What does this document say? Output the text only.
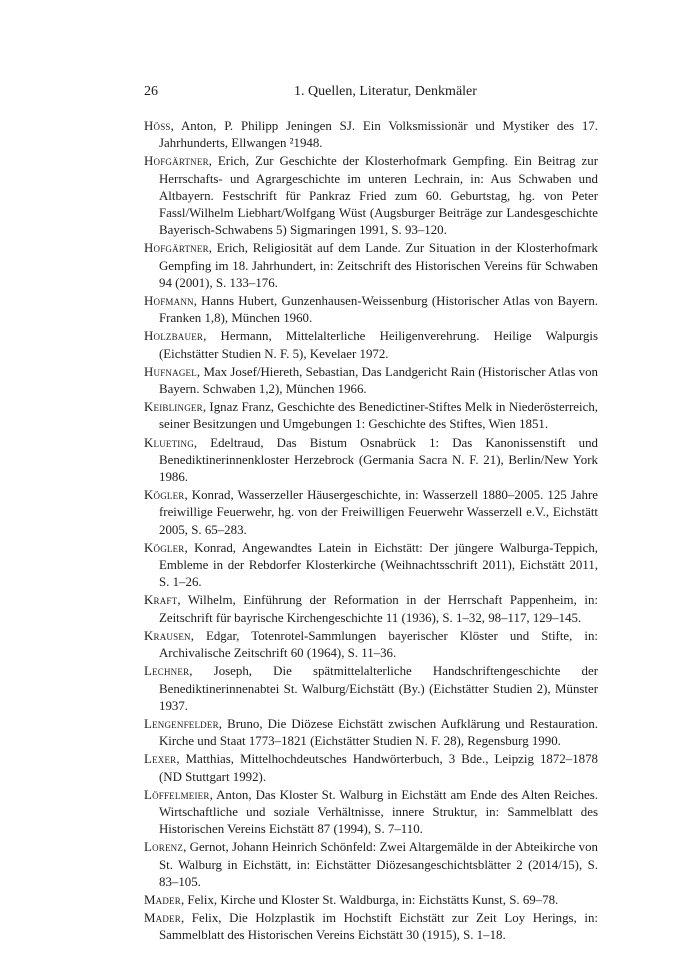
26	1. Quellen, Literatur, Denkmäler
Höss, Anton, P. Philipp Jeningen SJ. Ein Volksmissionär und Mystiker des 17. Jahrhunderts, Ellwangen ²1948.
Hofgärtner, Erich, Zur Geschichte der Klosterhofmark Gempfing. Ein Beitrag zur Herrschafts- und Agrargeschichte im unteren Lechrain, in: Aus Schwaben und Altbayern. Festschrift für Pankraz Fried zum 60. Geburtstag, hg. von Peter Fassl/Wilhelm Liebhart/Wolfgang Wüst (Augsburger Beiträge zur Landesgeschichte Bayerisch-Schwabens 5) Sigmaringen 1991, S. 93–120.
Hofgärtner, Erich, Religiosität auf dem Lande. Zur Situation in der Klosterhofmark Gempfing im 18. Jahrhundert, in: Zeitschrift des Historischen Vereins für Schwaben 94 (2001), S. 133–176.
Hofmann, Hanns Hubert, Gunzenhausen-Weissenburg (Historischer Atlas von Bayern. Franken 1,8), München 1960.
Holzbauer, Hermann, Mittelalterliche Heiligenverehrung. Heilige Walpurgis (Eichstätter Studien N. F. 5), Kevelaer 1972.
Hufnagel, Max Josef/Hiereth, Sebastian, Das Landgericht Rain (Historischer Atlas von Bayern. Schwaben 1,2), München 1966.
Keiblinger, Ignaz Franz, Geschichte des Benedictiner-Stiftes Melk in Niederösterreich, seiner Besitzungen und Umgebungen 1: Geschichte des Stiftes, Wien 1851.
Klueting, Edeltraud, Das Bistum Osnabrück 1: Das Kanonissenstift und Benediktinerinnenkloster Herzebrock (Germania Sacra N. F. 21), Berlin/New York 1986.
Kögler, Konrad, Wasserzeller Häusergeschichte, in: Wasserzell 1880–2005. 125 Jahre freiwillige Feuerwehr, hg. von der Freiwilligen Feuerwehr Wasserzell e.V., Eichstätt 2005, S. 65–283.
Kögler, Konrad, Angewandtes Latein in Eichstätt: Der jüngere Walburga-Teppich, Embleme in der Rebdorfer Klosterkirche (Weihnachtsschrift 2011), Eichstätt 2011, S. 1–26.
Kraft, Wilhelm, Einführung der Reformation in der Herrschaft Pappenheim, in: Zeitschrift für bayrische Kirchengeschichte 11 (1936), S. 1–32, 98–117, 129–145.
Krausen, Edgar, Totenrotel-Sammlungen bayerischer Klöster und Stifte, in: Archivalische Zeitschrift 60 (1964), S. 11–36.
Lechner, Joseph, Die spätmittelalterliche Handschriftengeschichte der Benediktinerinnenabtei St. Walburg/Eichstätt (By.) (Eichstätter Studien 2), Münster 1937.
Lengenfelder, Bruno, Die Diözese Eichstätt zwischen Aufklärung und Restauration. Kirche und Staat 1773–1821 (Eichstätter Studien N. F. 28), Regensburg 1990.
Lexer, Matthias, Mittelhochdeutsches Handwörterbuch, 3 Bde., Leipzig 1872–1878 (ND Stuttgart 1992).
Löffelmeier, Anton, Das Kloster St. Walburg in Eichstätt am Ende des Alten Reiches. Wirtschaftliche und soziale Verhältnisse, innere Struktur, in: Sammelblatt des Historischen Vereins Eichstätt 87 (1994), S. 7–110.
Lorenz, Gernot, Johann Heinrich Schönfeld: Zwei Altargemälde in der Abteikirche von St. Walburg in Eichstätt, in: Eichstätter Diözesangeschichtsblätter 2 (2014/15), S. 83–105.
Mader, Felix, Kirche und Kloster St. Waldburga, in: Eichstätts Kunst, S. 69–78.
Mader, Felix, Die Holzplastik im Hochstift Eichstätt zur Zeit Loy Herings, in: Sammelblatt des Historischen Vereins Eichstätt 30 (1915), S. 1–18.
